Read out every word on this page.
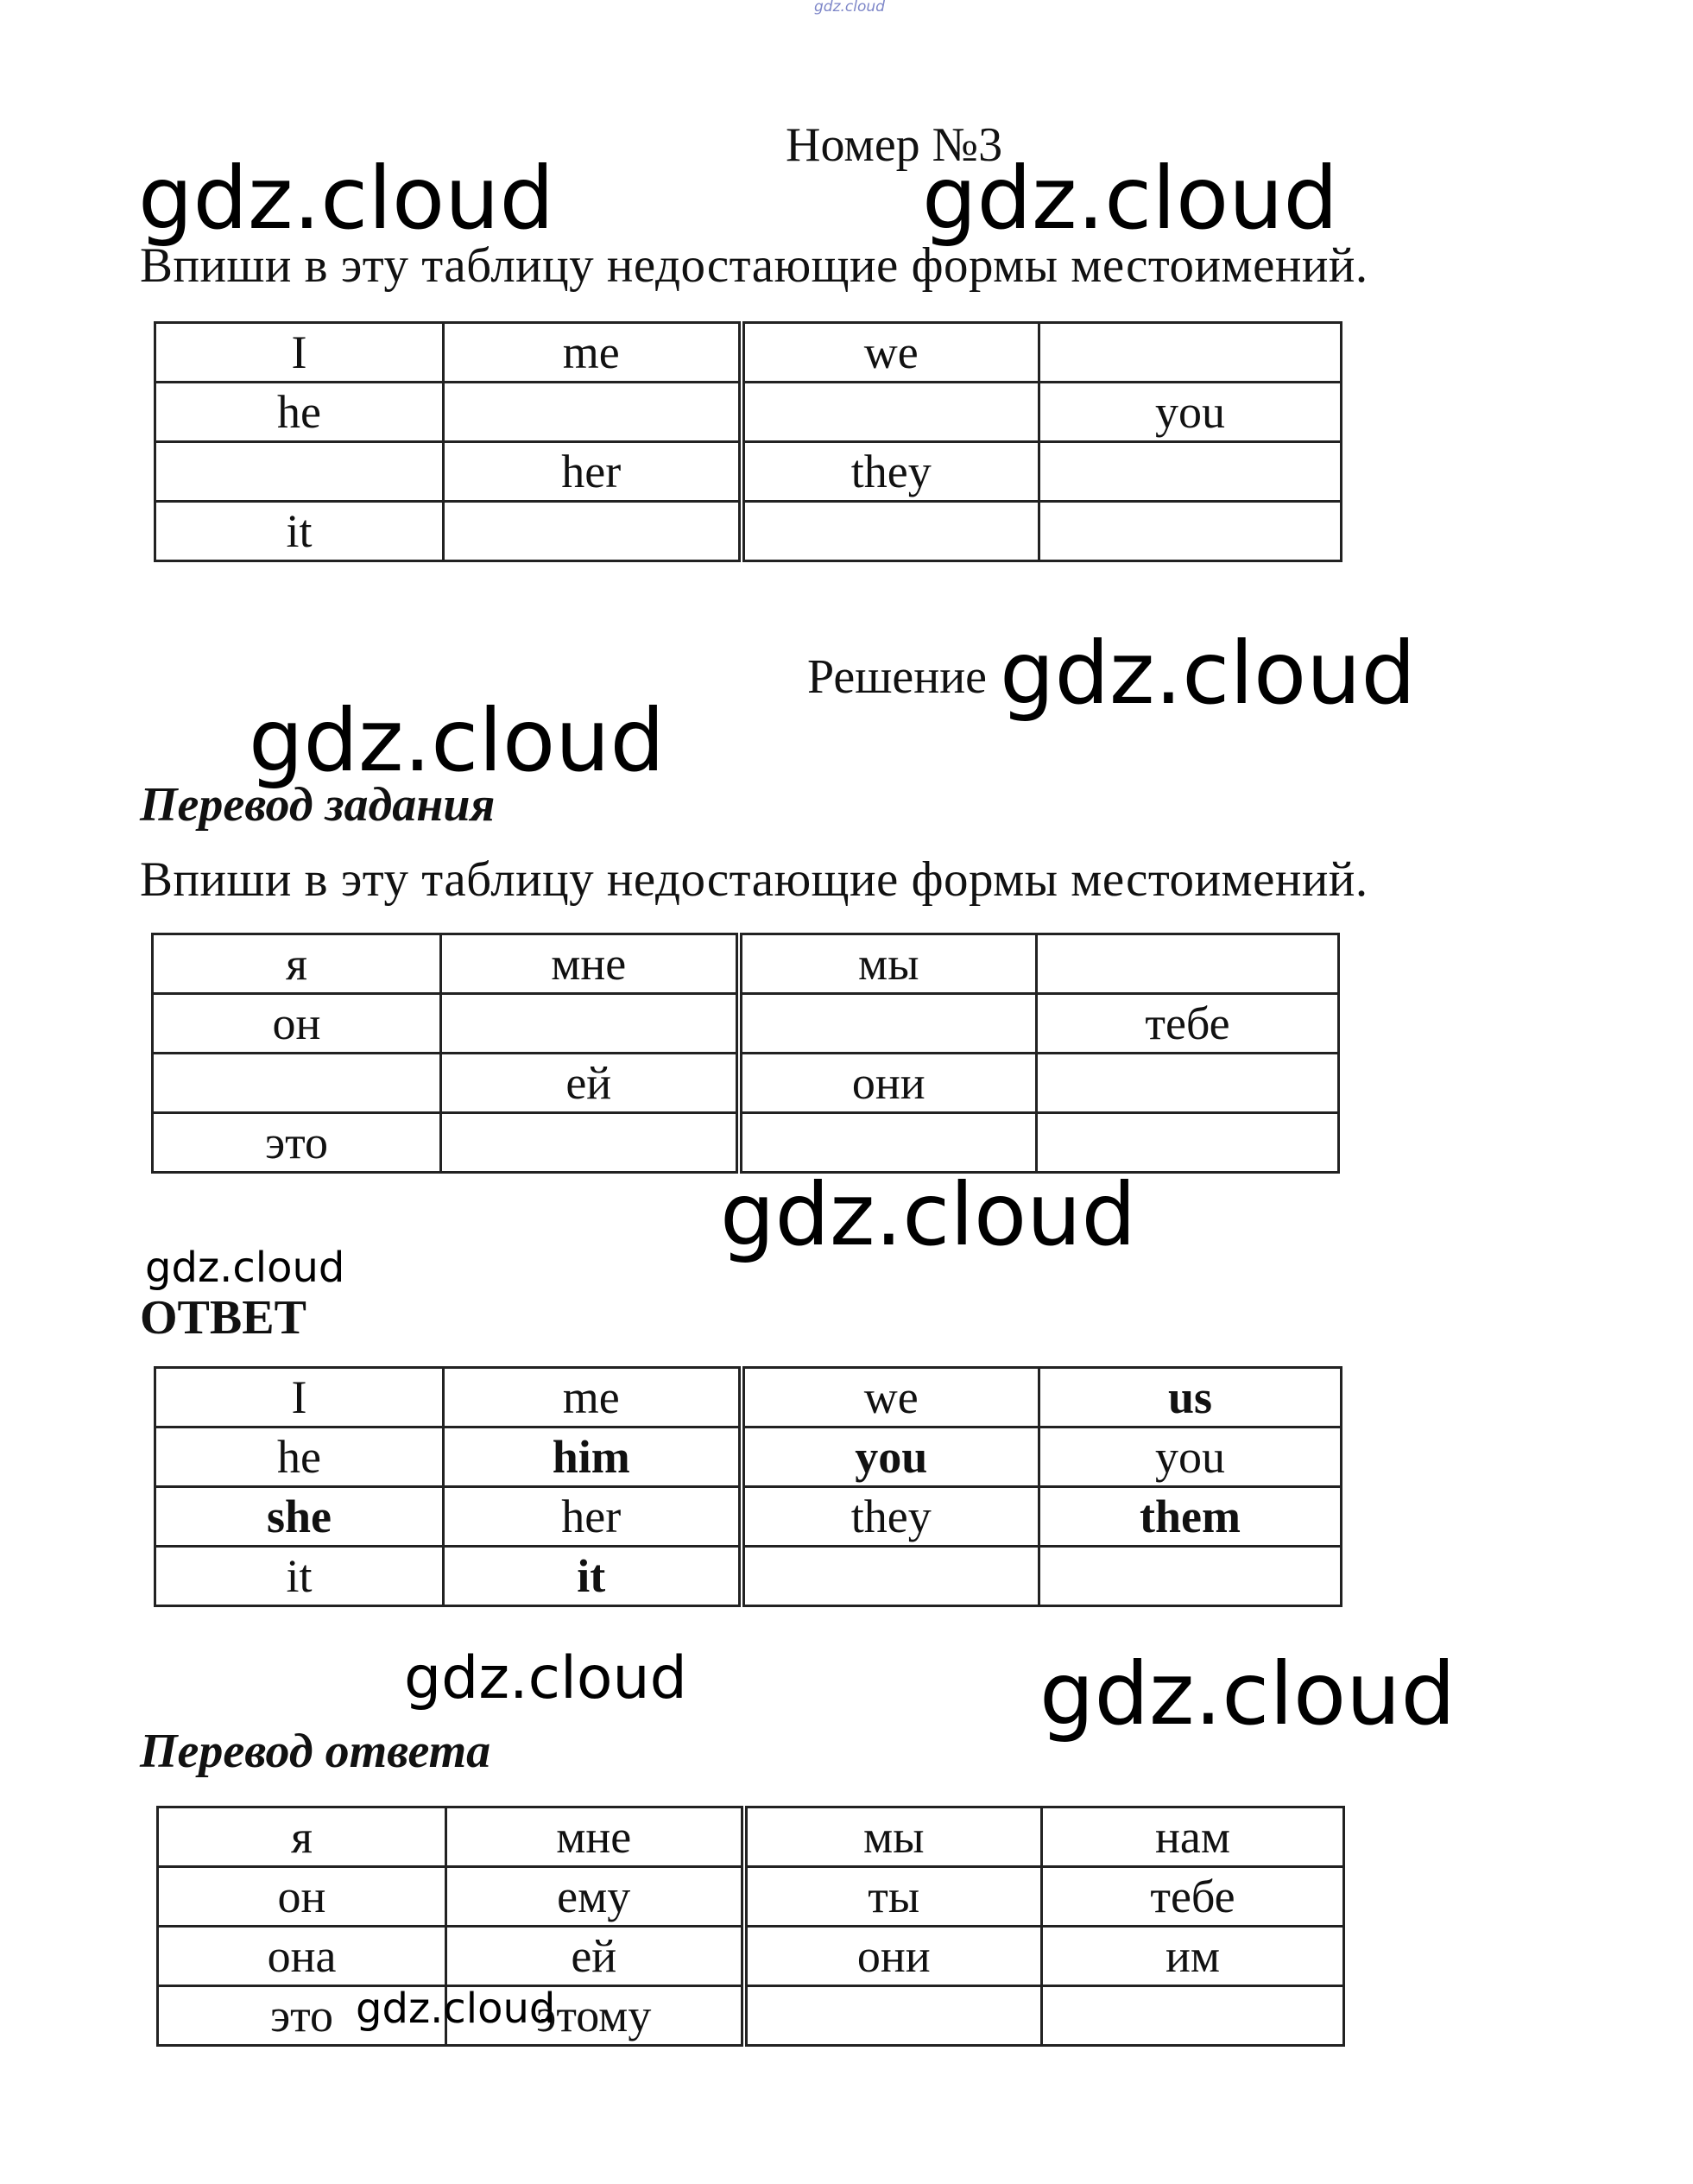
gdz.cloud
gdz.cloud	gdz.cloud
gdz.cloud
gdz.cloud
gdz.cloud
gdz.cloud
gdz.cloud	gdz.cloud
gdz.cloud
Номер №3
Впиши в эту таблицу недостающие формы местоимений.
I	me	we	
he			you
	her	they	
it			
Решение
Перевод задания
Впиши в эту таблицу недостающие формы местоимений.
я	мне	мы	
он			тебе
	ей	они	
это			
ОТВЕТ
I	me	we	us
he	him	you	you
she	her	they	them
it	it		
Перевод ответа
я	мне	мы	нам
он	ему	ты	тебе
она	ей	они	им
это	этому		
